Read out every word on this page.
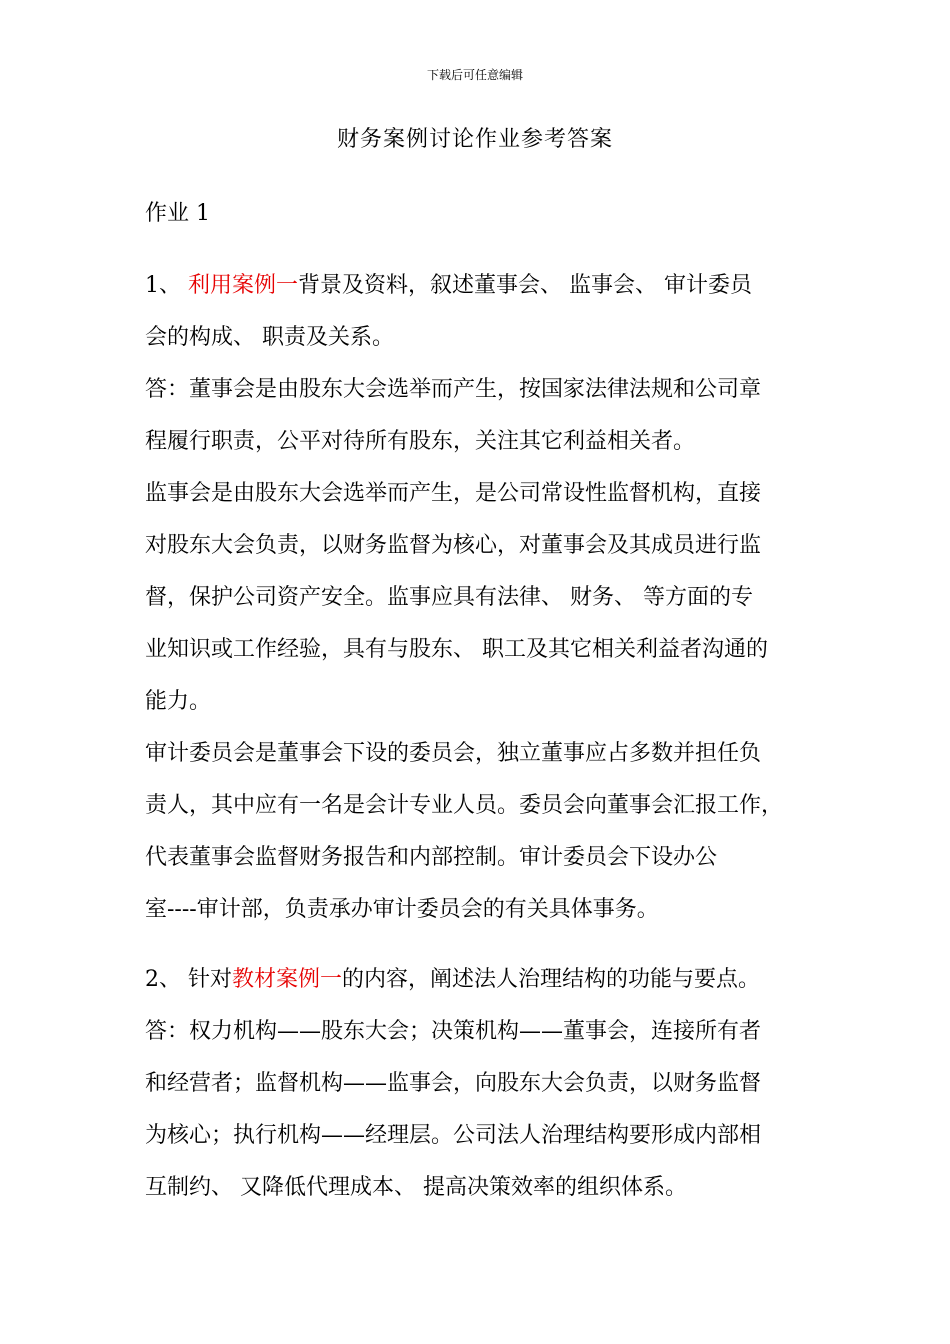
下载后可任意编辑
财务案例讨论作业参考答案
作业 1
1、 利用案例一背景及资料，叙述董事会、 监事会、 审计委员
会的构成、 职责及关系。
答：董事会是由股东大会选举而产生，按国家法律法规和公司章
程履行职责，公平对待所有股东，关注其它利益相关者。
监事会是由股东大会选举而产生，是公司常设性监督机构，直接
对股东大会负责，以财务监督为核心，对董事会及其成员进行监
督，保护公司资产安全。监事应具有法律、 财务、 等方面的专
业知识或工作经验，具有与股东、 职工及其它相关利益者沟通的
能力。
审计委员会是董事会下设的委员会，独立董事应占多数并担任负
责人，其中应有一名是会计专业人员。委员会向董事会汇报工作，
代表董事会监督财务报告和内部控制。审计委员会下设办公
室----审计部，负责承办审计委员会的有关具体事务。
2、 针对教材案例一的内容，阐述法人治理结构的功能与要点。
答：权力机构——股东大会；决策机构——董事会，连接所有者
和经营者；监督机构——监事会，向股东大会负责，以财务监督
为核心；执行机构——经理层。公司法人治理结构要形成内部相
互制约、 又降低代理成本、 提高决策效率的组织体系。
